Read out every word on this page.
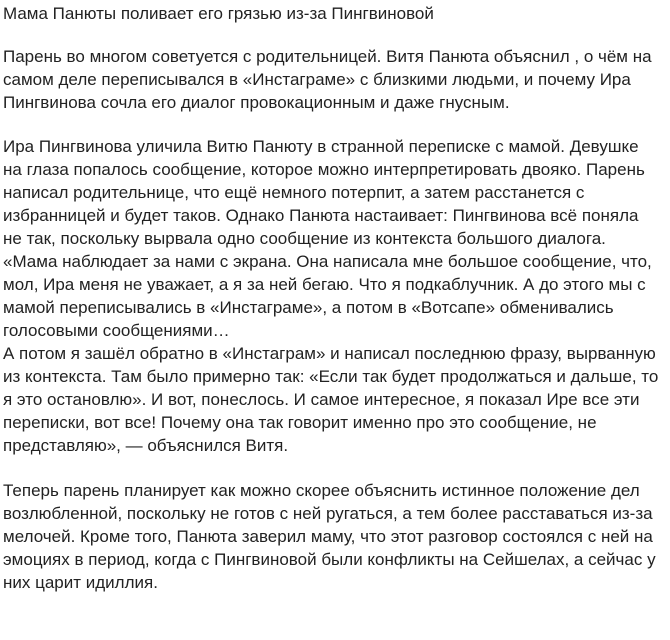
Мама Панюты поливает его грязью из-за Пингвиновой
Парень во многом советуется с родительницей. Витя Панюта объяснил , о чём на
самом деле переписывался в «Инстаграме» с близкими людьми, и почему Ира
Пингвинова сочла его диалог провокационным и даже гнусным.
Ира Пингвинова уличила Витю Панюту в странной переписке с мамой. Девушке
на глаза попалось сообщение, которое можно интерпретировать двояко. Парень
написал родительнице, что ещё немного потерпит, а затем расстанется с
избранницей и будет таков. Однако Панюта настаивает: Пингвинова всё поняла
не так, поскольку вырвала одно сообщение из контекста большого диалога.
«Мама наблюдает за нами с экрана. Она написала мне большое сообщение, что,
мол, Ира меня не уважает, а я за ней бегаю. Что я подкаблучник. А до этого мы с
мамой переписывались в «Инстаграме», а потом в «Вотсапе» обменивались
голосовыми сообщениями…
А потом я зашёл обратно в «Инстаграм» и написал последнюю фразу, вырванную
из контекста. Там было примерно так: «Если так будет продолжаться и дальше, то
я это остановлю». И вот, понеслось. И самое интересное, я показал Ире все эти
переписки, вот все! Почему она так говорит именно про это сообщение, не
представляю», — объяснился Витя.
Теперь парень планирует как можно скорее объяснить истинное положение дел
возлюбленной, поскольку не готов с ней ругаться, а тем более расставаться из-за
мелочей. Кроме того, Панюта заверил маму, что этот разговор состоялся с ней на
эмоциях в период, когда с Пингвиновой были конфликты на Сейшелах, а сейчас у
них царит идиллия.
